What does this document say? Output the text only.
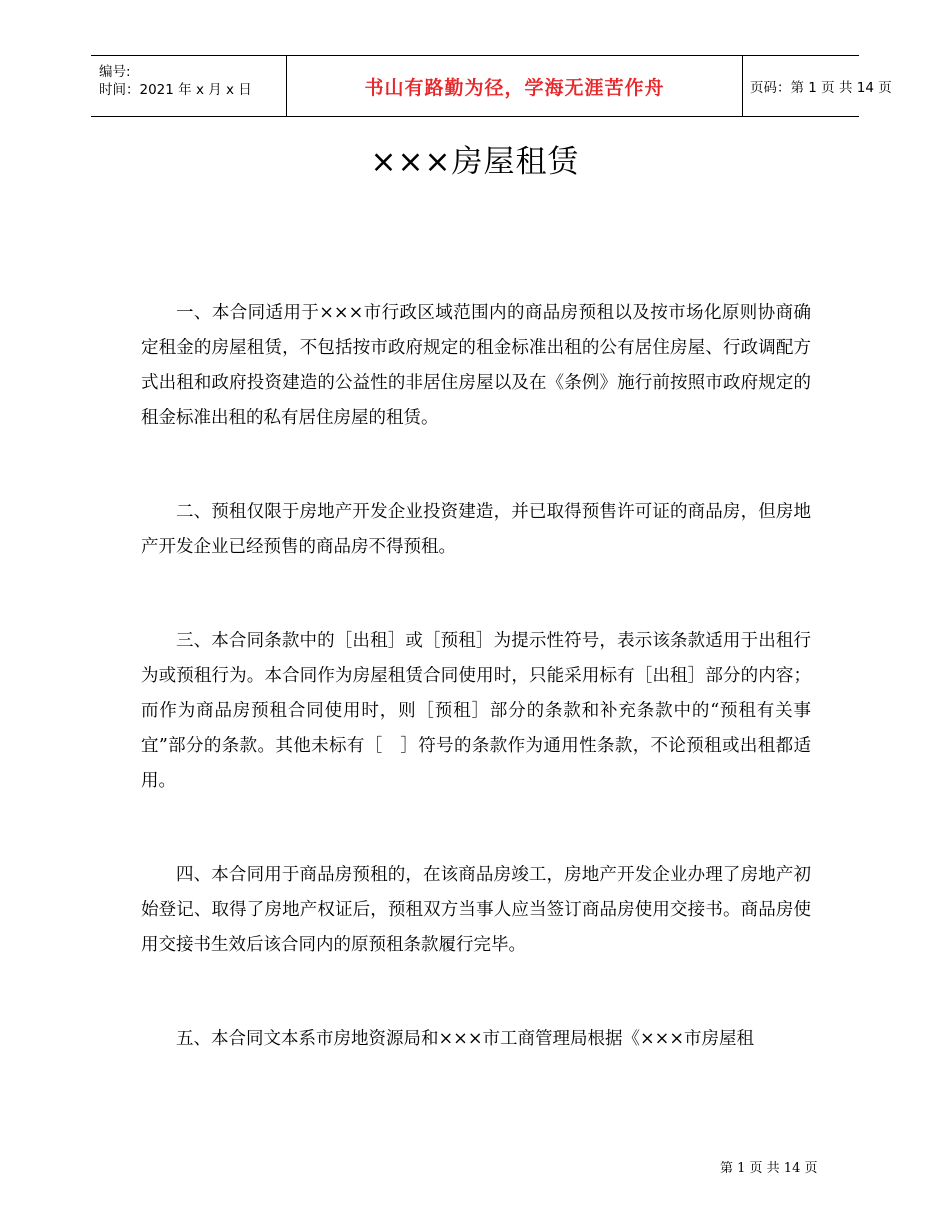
编号:
时间：2021 年 x 月 x 日	书山有路勤为径，学海无涯苦作舟	页码：第 1 页 共 14 页
×××房屋租赁

一、本合同适用于×××市行政区域范围内的商品房预租以及按市场化原则协商确定租金的房屋租赁，不包括按市政府规定的租金标准出租的公有居住房屋、行政调配方式出租和政府投资建造的公益性的非居住房屋以及在《条例》施行前按照市政府规定的租金标准出租的私有居住房屋的租赁。

二、预租仅限于房地产开发企业投资建造，并已取得预售许可证的商品房，但房地产开发企业已经预售的商品房不得预租。

三、本合同条款中的［出租］或［预租］为提示性符号，表示该条款适用于出租行为或预租行为。本合同作为房屋租赁合同使用时，只能采用标有［出租］部分的内容；而作为商品房预租合同使用时，则［预租］部分的条款和补充条款中的“预租有关事宜”部分的条款。其他未标有［　］符号的条款作为通用性条款，不论预租或出租都适用。

四、本合同用于商品房预租的，在该商品房竣工，房地产开发企业办理了房地产初始登记、取得了房地产权证后，预租双方当事人应当签订商品房使用交接书。商品房使用交接书生效后该合同内的原预租条款履行完毕。

五、本合同文本系市房地资源局和×××市工商管理局根据《×××市房屋租

第 1 页 共 14 页
